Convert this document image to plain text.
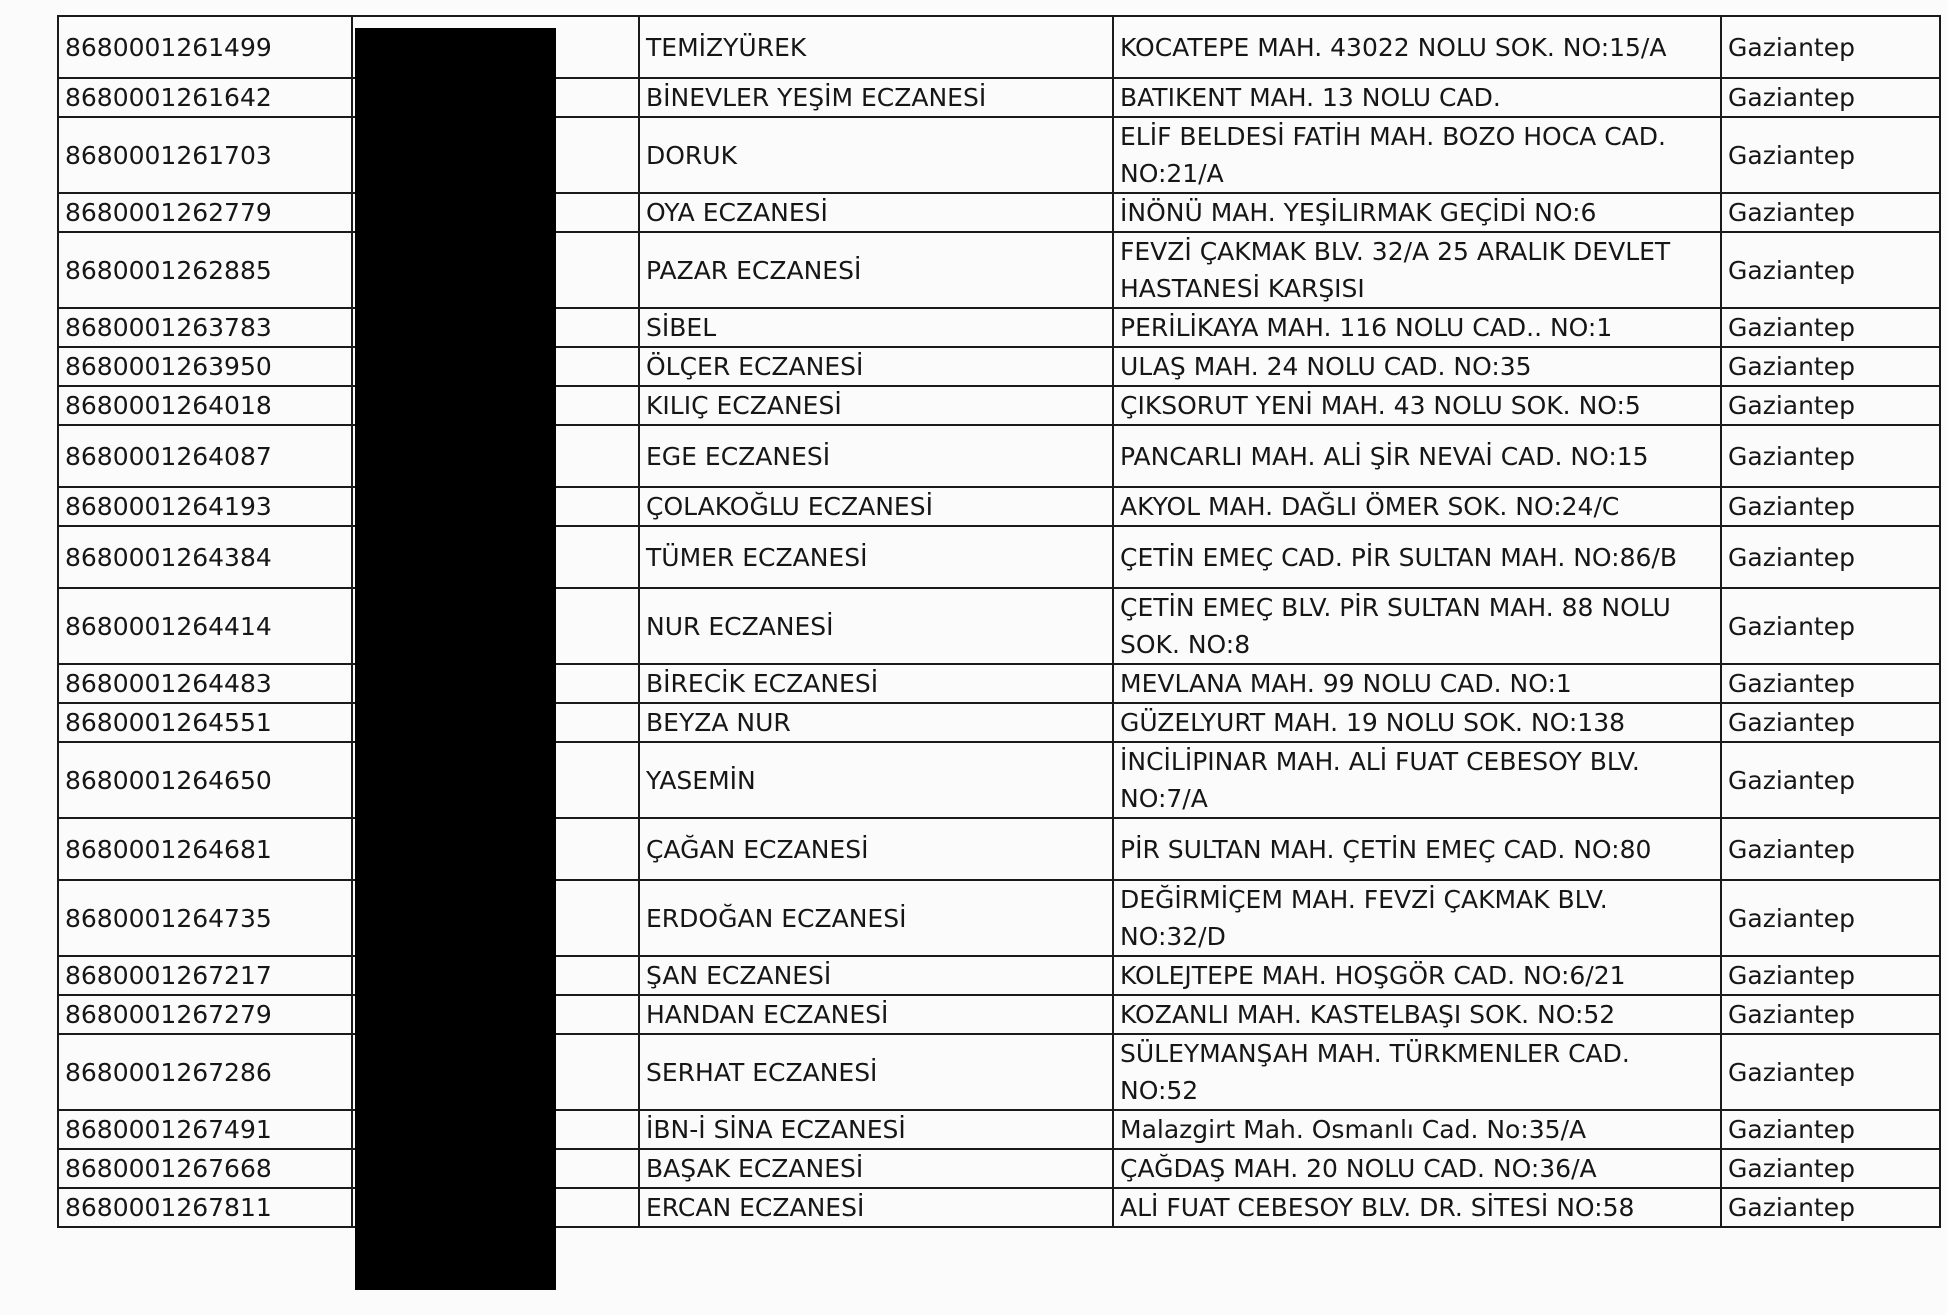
8680001261499		TEMİZYÜREK	KOCATEPE MAH. 43022 NOLU SOK. NO:15/A	Gaziantep
8680001261642		BİNEVLER YEŞİM ECZANESİ	BATIKENT MAH. 13 NOLU CAD.	Gaziantep
8680001261703		DORUK	ELİF BELDESİ FATİH MAH. BOZO HOCA CAD. NO:21/A	Gaziantep
8680001262779		OYA ECZANESİ	İNÖNÜ MAH. YEŞİLIRMAK GEÇİDİ NO:6	Gaziantep
8680001262885		PAZAR ECZANESİ	FEVZİ ÇAKMAK BLV. 32/A 25 ARALIK DEVLET HASTANESİ KARŞISI	Gaziantep
8680001263783		SİBEL	PERİLİKAYA MAH. 116 NOLU CAD.. NO:1	Gaziantep
8680001263950		ÖLÇER ECZANESİ	ULAŞ MAH. 24 NOLU CAD. NO:35	Gaziantep
8680001264018		KILIÇ ECZANESİ	ÇIKSORUT YENİ MAH. 43 NOLU SOK. NO:5	Gaziantep
8680001264087		EGE ECZANESİ	PANCARLI MAH. ALİ ŞİR NEVAİ CAD. NO:15	Gaziantep
8680001264193		ÇOLAKOĞLU ECZANESİ	AKYOL MAH. DAĞLI ÖMER SOK. NO:24/C	Gaziantep
8680001264384		TÜMER ECZANESİ	ÇETİN EMEÇ CAD. PİR SULTAN MAH. NO:86/B	Gaziantep
8680001264414		NUR ECZANESİ	ÇETİN EMEÇ BLV. PİR SULTAN MAH. 88 NOLU SOK. NO:8	Gaziantep
8680001264483		BİRECİK ECZANESİ	MEVLANA MAH. 99 NOLU CAD. NO:1	Gaziantep
8680001264551		BEYZA NUR	GÜZELYURT MAH. 19 NOLU SOK. NO:138	Gaziantep
8680001264650		YASEMİN	İNCİLİPINAR MAH. ALİ FUAT CEBESOY BLV. NO:7/A	Gaziantep
8680001264681		ÇAĞAN ECZANESİ	PİR SULTAN MAH. ÇETİN EMEÇ CAD. NO:80	Gaziantep
8680001264735		ERDOĞAN ECZANESİ	DEĞİRMİÇEM MAH. FEVZİ ÇAKMAK BLV. NO:32/D	Gaziantep
8680001267217		ŞAN ECZANESİ	KOLEJTEPE MAH. HOŞGÖR CAD. NO:6/21	Gaziantep
8680001267279		HANDAN ECZANESİ	KOZANLI MAH. KASTELBAŞI SOK. NO:52	Gaziantep
8680001267286		SERHAT ECZANESİ	SÜLEYMANŞAH MAH. TÜRKMENLER CAD. NO:52	Gaziantep
8680001267491		İBN-İ SİNA ECZANESİ	Malazgirt Mah. Osmanlı Cad. No:35/A	Gaziantep
8680001267668		BAŞAK ECZANESİ	ÇAĞDAŞ MAH. 20 NOLU CAD. NO:36/A	Gaziantep
8680001267811		ERCAN ECZANESİ	ALİ FUAT CEBESOY BLV. DR. SİTESİ NO:58	Gaziantep
